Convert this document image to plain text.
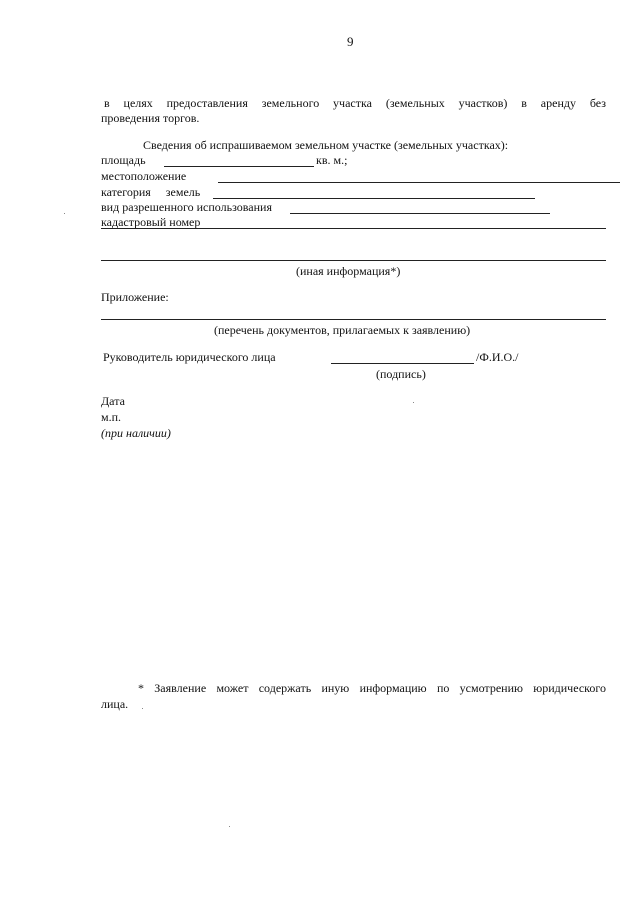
9
в целях предоставления земельного участка (земельных участков) в аренду без
проведения торгов.
Сведения об испрашиваемом земельном участке (земельных участках):
площадь	кв. м.;
местоположение
категория земель
вид разрешенного использования
кадастровый номер
(иная информация*)
Приложение:
(перечень документов, прилагаемых к заявлению)
Руководитель юридического лица	/Ф.И.О./
(подпись)
Дата
м.п.
(при наличии)
* Заявление может содержать иную информацию по усмотрению юридического
лица.
